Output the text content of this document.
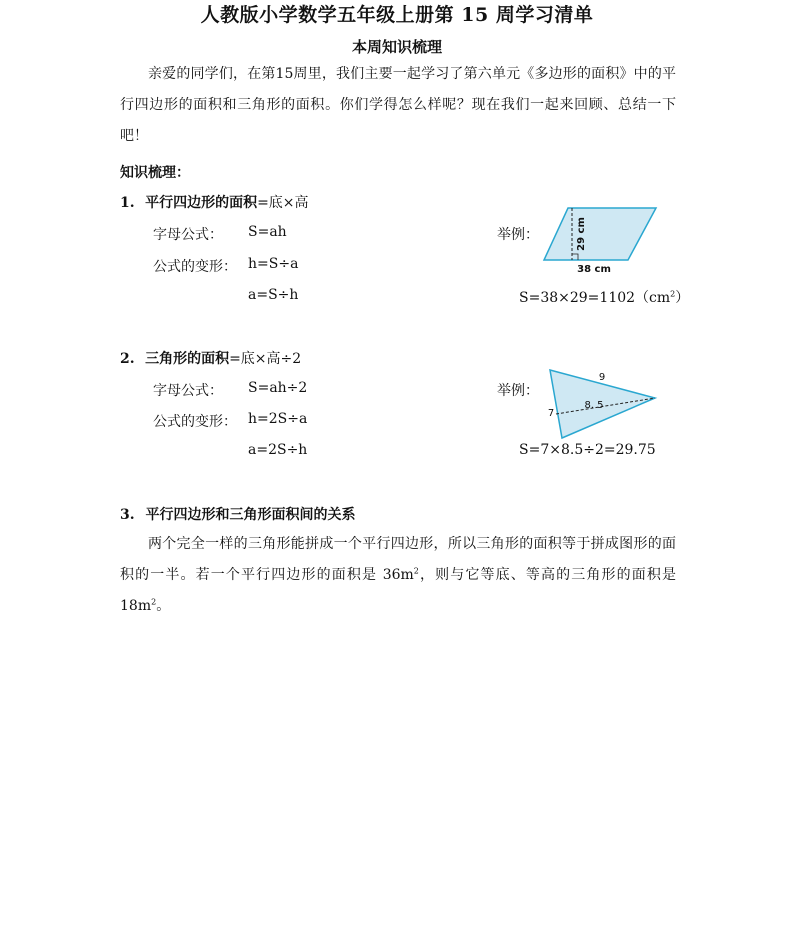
人教版小学数学五年级上册第 15 周学习清单
本周知识梳理
亲爱的同学们，在第15周里，我们主要一起学习了第六单元《多边形的面积》中的平行四边形的面积和三角形的面积。你们学得怎么样呢？现在我们一起来回顾、总结一下吧！
知识梳理：
1. 平行四边形的面积=底×高
字母公式： S=ah
公式的变形： h=S÷a
a=S÷h
举例：	29 cm
38 cm
$S=38\times 29=1102(cm^2)$
2. 三角形的面积=底×高÷2
字母公式： S=ah÷2
公式的变形： h=2S÷a
a=2S÷h
举例：
9
7
8. 5
S=7×8.5÷2=29.75
3. 平行四边形和三角形面积间的关系
两个完全一样的三角形能拼成一个平行四边形，所以三角形的面积等于拼成图形的面积的一半。若一个平行四边形的面积是 $36m^2$，则与它等底、等高的三角形的面积是 $18m^2$。
